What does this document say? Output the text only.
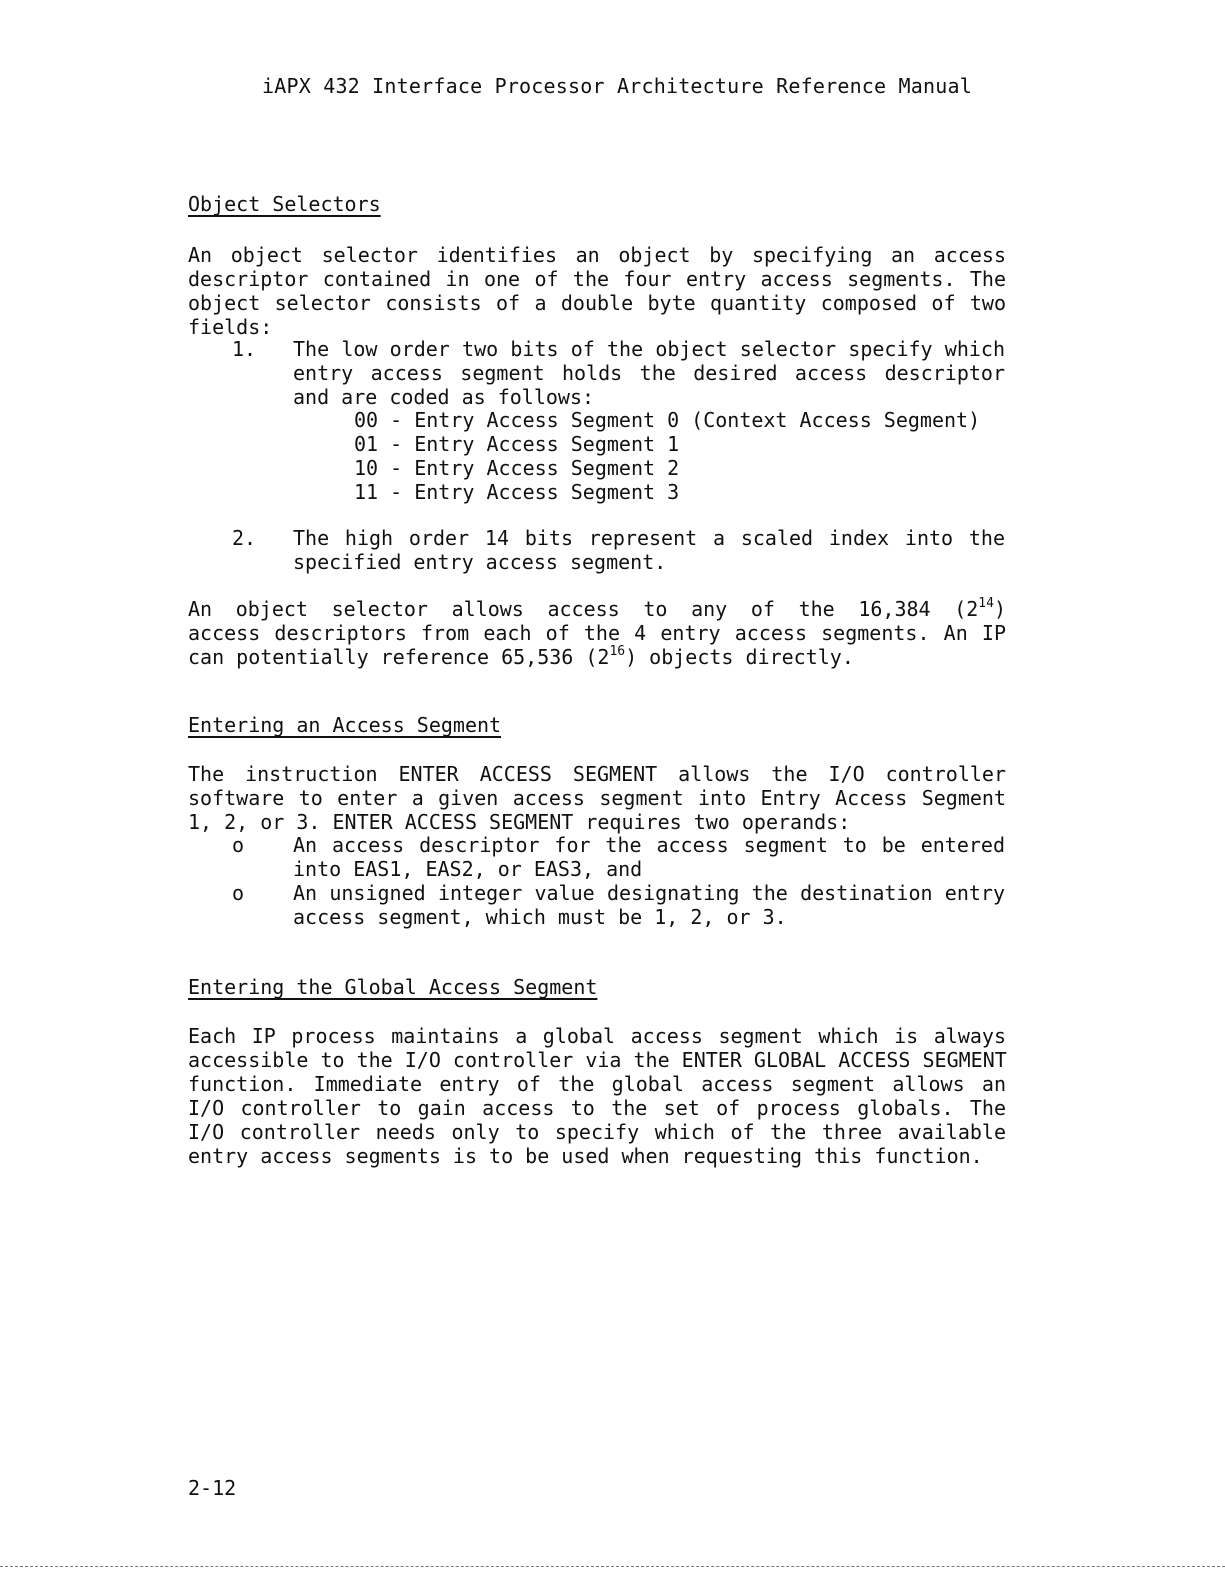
iAPX 432 Interface Processor Architecture Reference Manual
Object Selectors
An object selector identifies an object by specifying an access
descriptor contained in one of the four entry access segments. The
object selector consists of a double byte quantity composed of two
fields:
1. The low order two bits of the object selector specify which
entry access segment holds the desired access descriptor
and are coded as follows:
00 - Entry Access Segment 0 (Context Access Segment)
01 - Entry Access Segment 1
10 - Entry Access Segment 2
11 - Entry Access Segment 3
2. The high order 14 bits represent a scaled index into the
specified entry access segment.
An object selector allows access to any of the 16,384 $(2^{14})$
access descriptors from each of the 4 entry access segments. An IP
can potentially reference 65,536 $(2^{16})$ objects directly.
Entering an Access Segment
The instruction ENTER ACCESS SEGMENT allows the I/O controller
software to enter a given access segment into Entry Access Segment
1, 2, or 3. ENTER ACCESS SEGMENT requires two operands:
o An access descriptor for the access segment to be entered
into EAS1, EAS2, or EAS3, and
o An unsigned integer value designating the destination entry
access segment, which must be 1, 2, or 3.
Entering the Global Access Segment
Each IP process maintains a global access segment which is always
accessible to the I/O controller via the ENTER GLOBAL ACCESS SEGMENT
function. Immediate entry of the global access segment allows an
I/O controller to gain access to the set of process globals. The
I/O controller needs only to specify which of the three available
entry access segments is to be used when requesting this function.
2-12
